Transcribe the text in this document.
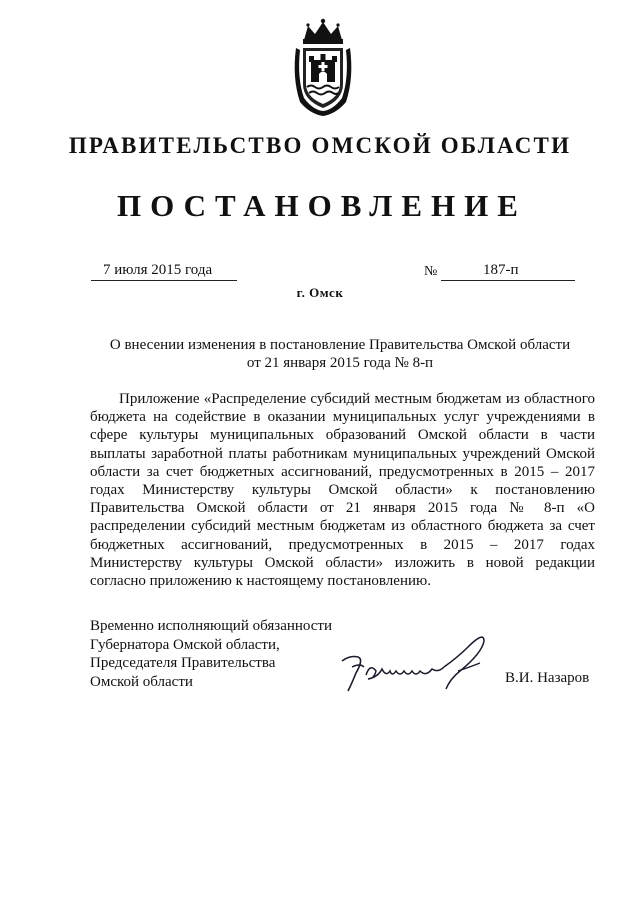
ПРАВИТЕЛЬСТВО ОМСКОЙ ОБЛАСТИ
ПОСТАНОВЛЕНИЕ
7 июля 2015 года	№	187-п
г. Омск
О внесении изменения в постановление Правительства Омской области
от 21 января 2015 года № 8-п
Приложение «Распределение субсидий местным бюджетам из областного бюджета на содействие в оказании муниципальных услуг учреждениями в сфере культуры муниципальных образований Омской области в части выплаты заработной платы работникам муниципальных учреждений Омской области за счет бюджетных ассигнований, предусмотренных в 2015 – 2017 годах Министерству культуры Омской области» к постановлению Правительства Омской области от 21 января 2015 года № 8-п «О распределении субсидий местным бюджетам из областного бюджета за счет бюджетных ассигнований, предусмотренных в 2015 – 2017 годах Министерству культуры Омской области» изложить в новой редакции согласно приложению к настоящему постановлению.
Временно исполняющий обязанности
Губернатора Омской области,
Председателя Правительства
Омской области	В.И. Назаров
